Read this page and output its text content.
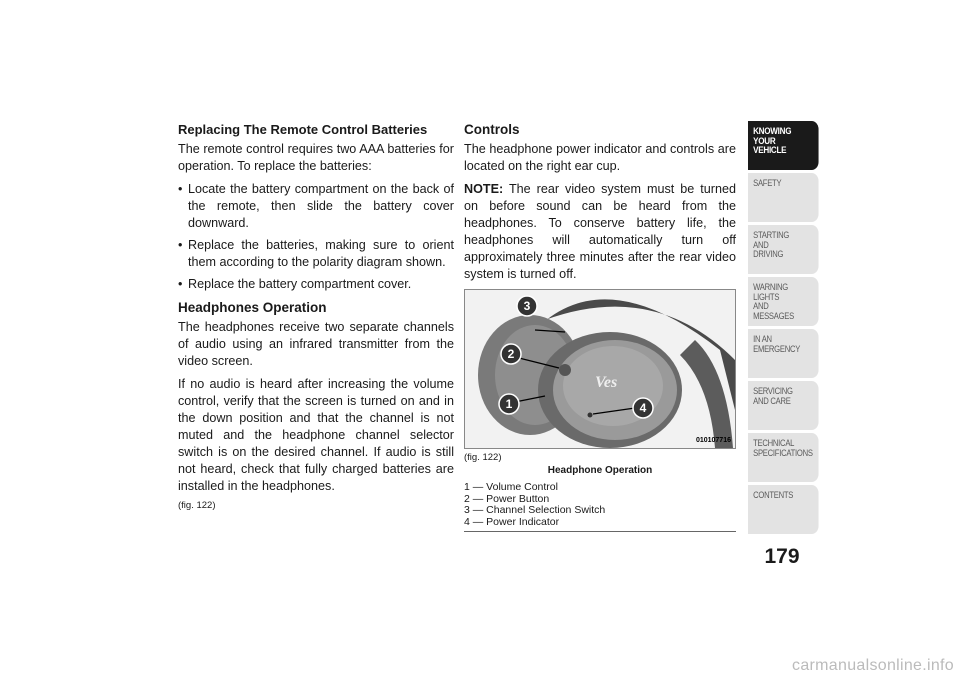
Replacing The Remote Control Batteries

The remote control requires two AAA batteries for operation. To replace the batteries:

• Locate the battery compartment on the back of the remote, then slide the battery cover downward.
• Replace the batteries, making sure to orient them according to the polarity diagram shown.
• Replace the battery compartment cover.
Headphones Operation

The headphones receive two separate channels of audio using an infrared transmitter from the video screen.

If no audio is heard after increasing the volume control, verify that the screen is turned on and in the down position and that the channel is not muted and the headphone channel selector switch is on the desired channel. If audio is still not heard, check that fully charged batteries are installed in the headphones.

(fig. 122)
Controls

The headphone power indicator and controls are located on the right ear cup.

NOTE: The rear video system must be turned on before sound can be heard from the headphones. To conserve battery life, the headphones will automatically turn off approximately three minutes after the rear video system is turned off.

Ves
3
2
1	4
010107716
(fig. 122)
Headphone Operation
1 — Volume Control
2 — Power Button
3 — Channel Selection Switch
4 — Power Indicator
KNOWING
YOUR
VEHICLE
SAFETY
STARTING
AND
DRIVING
WARNING
LIGHTS
AND
MESSAGES
IN AN
EMERGENCY
SERVICING
AND CARE
TECHNICAL
SPECIFICATIONS
CONTENTS
179
carmanualsonline.info
